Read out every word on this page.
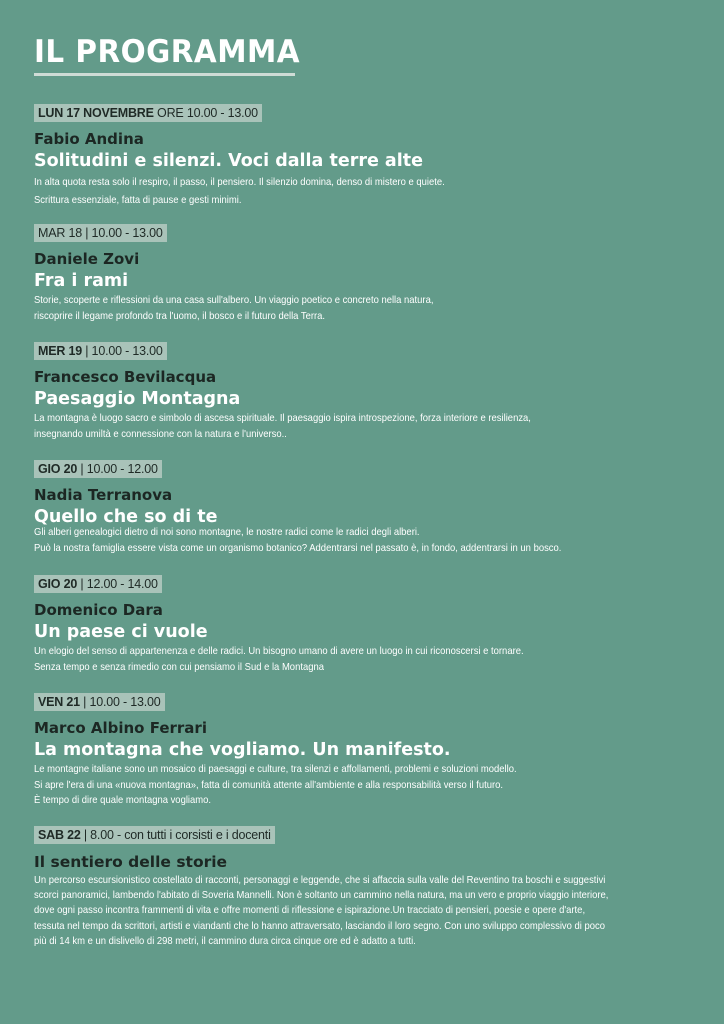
IL PROGRAMMA
LUN 17 NOVEMBRE ORE 10.00 - 13.00
Fabio Andina
Solitudini e silenzi. Voci dalla terre alte
In alta quota resta solo il respiro, il passo, il pensiero. Il silenzio domina, denso di mistero e quiete.
Scrittura essenziale, fatta di pause e gesti minimi.
MAR 18 | 10.00 - 13.00
Daniele Zovi
Fra i rami
Storie, scoperte e riflessioni da una casa sull'albero. Un viaggio poetico e concreto nella natura,
riscoprire il legame profondo tra l'uomo, il bosco e il futuro della Terra.
MER 19 | 10.00 - 13.00
Francesco Bevilacqua
Paesaggio Montagna
La montagna è luogo sacro e simbolo di ascesa spirituale. Il paesaggio ispira introspezione, forza interiore e resilienza,
insegnando umiltà e connessione con la natura e l'universo..
GIO 20 | 10.00 - 12.00
Nadia Terranova
Quello che so di te
Gli alberi genealogici dietro di noi sono montagne, le nostre radici come le radici degli alberi.
Può la nostra famiglia essere vista come un organismo botanico? Addentrarsi nel passato è, in fondo, addentrarsi in un bosco.
GIO 20 | 12.00 - 14.00
Domenico Dara
Un paese ci vuole
Un elogio del senso di appartenenza e delle radici. Un bisogno umano di avere un luogo in cui riconoscersi e tornare.
Senza tempo e senza rimedio con cui pensiamo il Sud e la Montagna
VEN 21 | 10.00 - 13.00
Marco Albino Ferrari
La montagna che vogliamo. Un manifesto.
Le montagne italiane sono un mosaico di paesaggi e culture, tra silenzi e affollamenti, problemi e soluzioni modello.
Si apre l'era di una «nuova montagna», fatta di comunità attente all'ambiente e alla responsabilità verso il futuro.
È tempo di dire quale montagna vogliamo.
SAB 22 | 8.00 - con tutti i corsisti e i docenti
Il sentiero delle storie
Un percorso escursionistico costellato di racconti, personaggi e leggende, che si affaccia sulla valle del Reventino tra boschi e suggestivi
scorci panoramici, lambendo l'abitato di Soveria Mannelli. Non è soltanto un cammino nella natura, ma un vero e proprio viaggio interiore,
dove ogni passo incontra frammenti di vita e offre momenti di riflessione e ispirazione.Un tracciato di pensieri, poesie e opere d'arte,
tessuta nel tempo da scrittori, artisti e viandanti che lo hanno attraversato, lasciando il loro segno. Con uno sviluppo complessivo di poco
più di 14 km e un dislivello di 298 metri, il cammino dura circa cinque ore ed è adatto a tutti.
